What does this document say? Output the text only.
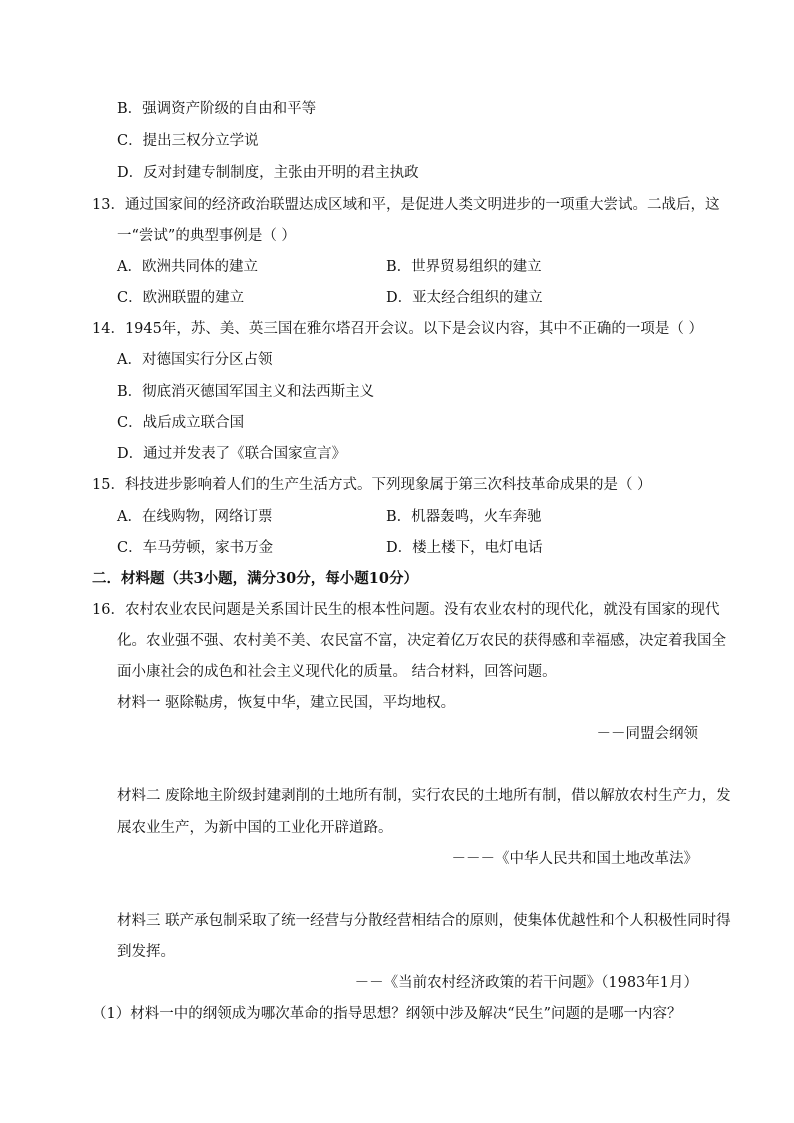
B．强调资产阶级的自由和平等
C．提出三权分立学说
D．反对封建专制制度，主张由开明的君主执政
13．通过国家间的经济政治联盟达成区域和平，是促进人类文明进步的一项重大尝试。二战后，这
一“尝试”的典型事例是（ ）
A．欧洲共同体的建立	B．世界贸易组织的建立
C．欧洲联盟的建立	D．亚太经合组织的建立
14．1945年，苏、美、英三国在雅尔塔召开会议。以下是会议内容，其中不正确的一项是（ ）
A．对德国实行分区占领
B．彻底消灭德国军国主义和法西斯主义
C．战后成立联合国
D．通过并发表了《联合国家宣言》
15．科技进步影响着人们的生产生活方式。下列现象属于第三次科技革命成果的是（ ）
A．在线购物，网络订票	B．机器轰鸣，火车奔驰
C．车马劳顿，家书万金	D．楼上楼下，电灯电话
二．材料题（共3小题，满分30分，每小题10分）
16．农村农业农民问题是关系国计民生的根本性问题。没有农业农村的现代化，就没有国家的现代
化。农业强不强、农村美不美、农民富不富，决定着亿万农民的获得感和幸福感，决定着我国全
面小康社会的成色和社会主义现代化的质量。 结合材料，回答问题。
材料一 驱除鞑虏，恢复中华，建立民国，平均地权。
－－同盟会纲领
材料二 废除地主阶级封建剥削的土地所有制，实行农民的土地所有制，借以解放农村生产力，发
展农业生产，为新中国的工业化开辟道路。
－－－《中华人民共和国土地改革法》
材料三 联产承包制采取了统一经营与分散经营相结合的原则，使集体优越性和个人积极性同时得
到发挥。
－－《当前农村经济政策的若干问题》（1983年1月）
（1）材料一中的纲领成为哪次革命的指导思想？纲领中涉及解决“民生”问题的是哪一内容？
